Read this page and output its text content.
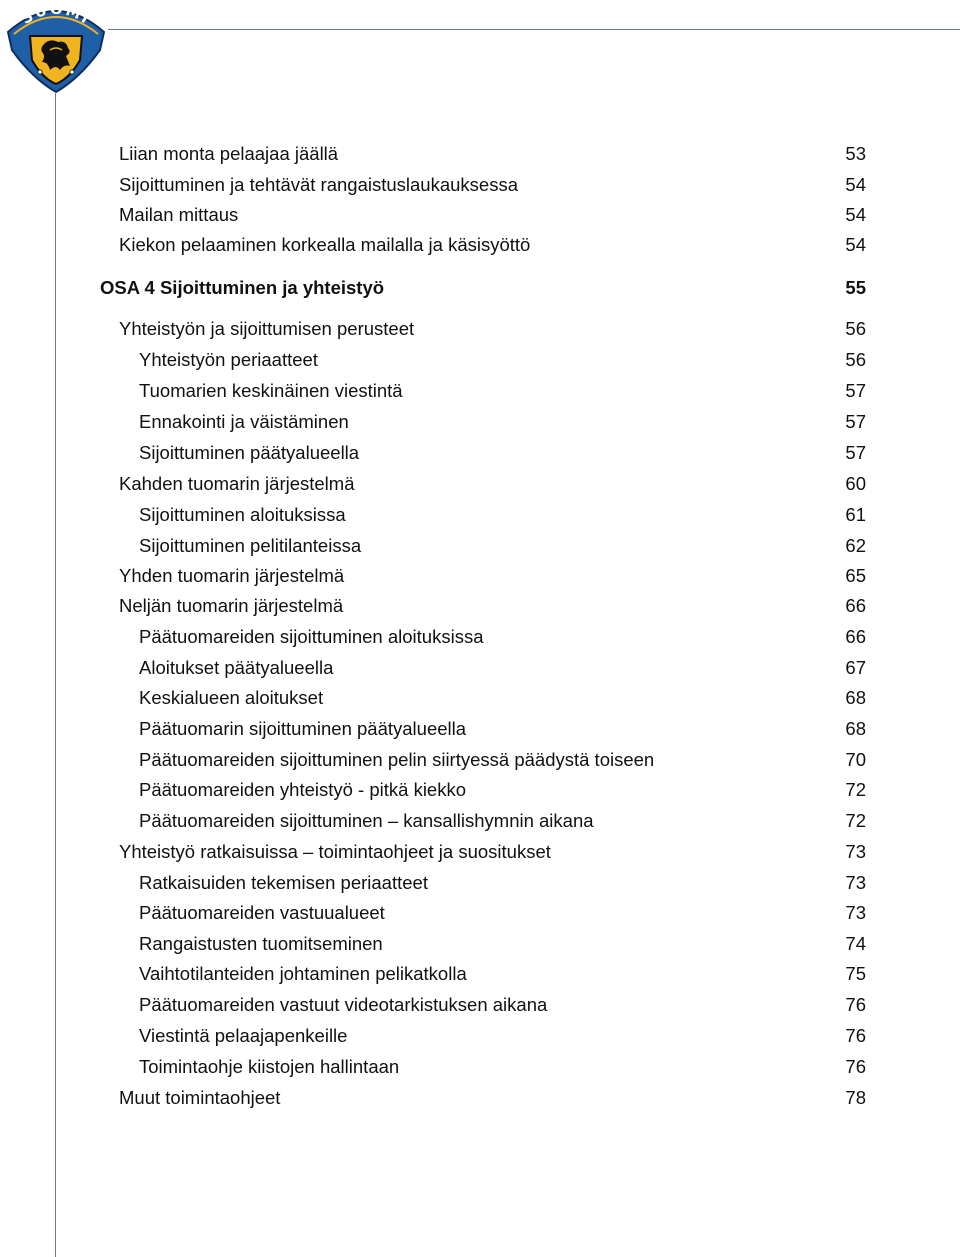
SUOMI
Liian monta pelaajaa jäällä	53
Sijoittuminen ja tehtävät rangaistuslaukauksessa	54
Mailan mittaus	54
Kiekon pelaaminen korkealla mailalla ja käsisyöttö	54
OSA 4 Sijoittuminen ja yhteistyö	55
Yhteistyön ja sijoittumisen perusteet	56
Yhteistyön periaatteet	56
Tuomarien keskinäinen viestintä	57
Ennakointi ja väistäminen	57
Sijoittuminen päätyalueella	57
Kahden tuomarin järjestelmä	60
Sijoittuminen aloituksissa	61
Sijoittuminen pelitilanteissa	62
Yhden tuomarin järjestelmä	65
Neljän tuomarin järjestelmä	66
Päätuomareiden sijoittuminen aloituksissa	66
Aloitukset päätyalueella	67
Keskialueen aloitukset	68
Päätuomarin sijoittuminen päätyalueella	68
Päätuomareiden sijoittuminen pelin siirtyessä päädystä toiseen	70
Päätuomareiden yhteistyö - pitkä kiekko	72
Päätuomareiden sijoittuminen – kansallishymnin aikana	72
Yhteistyö ratkaisuissa – toimintaohjeet ja suositukset	73
Ratkaisuiden tekemisen periaatteet	73
Päätuomareiden vastuualueet	73
Rangaistusten tuomitseminen	74
Vaihtotilanteiden johtaminen pelikatkolla	75
Päätuomareiden vastuut videotarkistuksen aikana	76
Viestintä pelaajapenkeille	76
Toimintaohje kiistojen hallintaan	76
Muut toimintaohjeet	78
